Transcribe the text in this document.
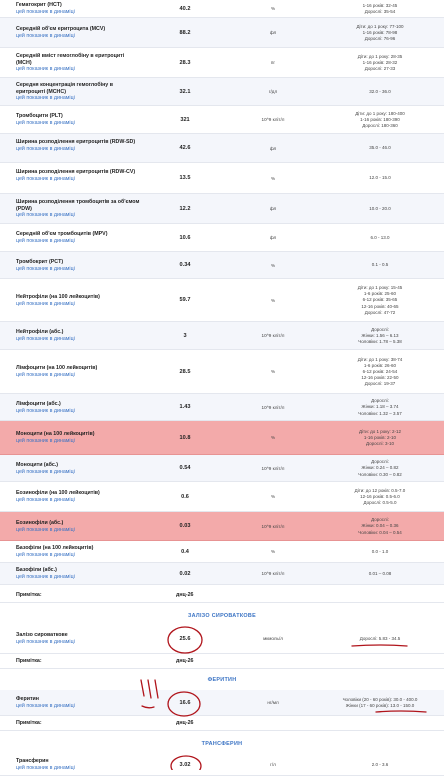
Гематокрит (HCT)
цей показник в динаміці
40.2	%
1-16 років: 32-45
Дорослі: 35-54
Середній об'єм еритроцита (MCV)
цей показник в динаміці
88.2	фл
Діти: до 1 року: 77-100
1-16 років: 78-98
Дорослі: 76-96
Середній вміст гемоглобіну в еритроциті (MCH)
цей показник в динаміці
28.3	пг
Діти: до 1 року: 28-35
1-16 років: 28-32
Дорослі: 27-33
Середня концентрація гемоглобіну в еритроциті (MCHC)
цей показник в динаміці
32.1	г/дл	32.0 - 36.0
Тромбоцити (PLT)
цей показник в динаміці
321	10^9 кліт/л
Діти: до 1 року: 180-400
1-16 років: 180-390
Дорослі: 180-360
Ширина розподілення еритроцитів (RDW-SD)
цей показник в динаміці	42.6	фл	35.0 - 46.0
Ширина розподілення еритроцитів (RDW-CV)
цей показник в динаміці	13.5	%	12.0 - 15.0
Ширина розподілення тромбоцитів за об'ємом (PDW)
цей показник в динаміці
12.2	фл	10.0 - 20.0
Середній об'єм тромбоцитів (MPV)
цей показник в динаміці
10.6	фл	6.0 - 13.0
Тромбокрит (PCT)
цей показник в динаміці
0.34	%	0.1 - 0.5
Нейтрофіли (на 100 лейкоцитів)
цей показник в динаміці
59.7	%
Діти: до 1 року: 15-45
1-6 років: 25-60
6-12 років: 35-65
12-16 років: 40-65
Дорослі: 47-72
Нейтрофіли (абс.)
цей показник в динаміці
3	10^9 кліт/л
Дорослі:
Жінки: 1.56 – 6.13
Чоловіки: 1.78 – 5.38
Лімфоцити (на 100 лейкоцитів)
цей показник в динаміці
28.5	%
Діти: до 1 року: 38-74
1-6 років: 26-60
6-12 років: 24-54
12-16 років: 22-50
Дорослі: 19-37
Лімфоцити (абс.)
цей показник в динаміці
1.43	10^9 кліт/л
Дорослі:
Жінки: 1.18 – 3.74
Чоловіки: 1.32 – 3.57
Моноцити (на 100 лейкоцитів)
цей показник в динаміці
10.8	%
Діти: до 1 року: 2-12
1-16 років: 2-10
Дорослі: 3-10
Моноцити (абс.)
цей показник в динаміці
0.54	10^9 кліт/л
Дорослі:
Жінки: 0.24 – 0.82
Чоловіки: 0.30 – 0.82
Еозинофіли (на 100 лейкоцитів)
цей показник в динаміці
0.6	%
Діти: до 12 років: 0.5-7.0
12-16 років: 0.5-6.0
Дорослі: 0.5-5.0
Еозинофіли (абс.)
цей показник в динаміці
0.03	10^9 кліт/л
Дорослі:
Жінки: 0.04 – 0.36
Чоловіки: 0.04 – 0.54
Базофіли (на 100 лейкоцитів)
цей показник в динаміці
0.4	%	0.0 - 1.0
Базофіли (абс.)
цей показник в динаміці
0.02	10^9 кліт/л	0.01 – 0.08
Примітка:	днц-26
ЗАЛІЗО СИРОВАТКОВЕ
Залізо сироваткове
цей показник в динаміці
25.6	мкмоль/л	Дорослі: 5.83 - 34.5
Примітка:	днц-26
ФЕРИТИН
Феритин
цей показник в динаміці
16.6	нг/мл
Чоловіки (20 - 60 років): 30.0 - 400.0
Жінки (17 - 60 років): 13.0 - 150.0
Примітка:	днц-26
ТРАНСФЕРИН
Трансферин
цей показник в динаміці
3.02	г/л	2.0 - 3.6
